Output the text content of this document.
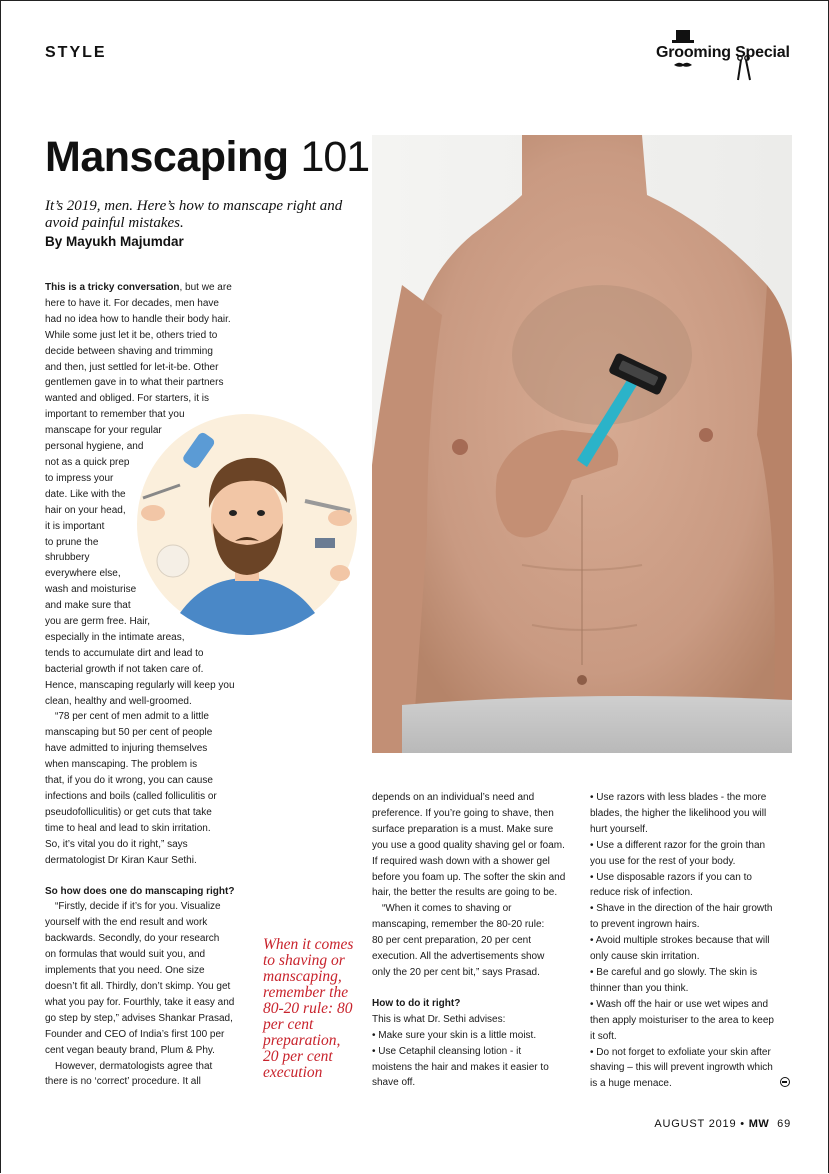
STYLE	Grooming Special
Manscaping 101
It’s 2019, men. Here’s how to manscape right and avoid painful mistakes.
By Mayukh Majumdar

This is a tricky conversation, but we are
here to have it. For decades, men have
had no idea how to handle their body hair.
While some just let it be, others tried to
decide between shaving and trimming
and then, just settled for let-it-be. Other
gentlemen gave in to what their partners
wanted and obliged. For starters, it is
important to remember that you
manscape for your regular
personal hygiene, and
not as a quick prep
to impress your
date. Like with the
hair on your head,
it is important
to prune the
shrubbery
everywhere else,
wash and moisturise
and make sure that
you are germ free. Hair,
especially in the intimate areas,
tends to accumulate dirt and lead to
bacterial growth if not taken care of.
Hence, manscaping regularly will keep you
clean, healthy and well-groomed.

“78 per cent of men admit to a little
manscaping but 50 per cent of people
have admitted to injuring themselves
when manscaping. The problem is
that, if you do it wrong, you can cause
infections and boils (called folliculitis or
pseudofolliculitis) or get cuts that take
time to heal and lead to skin irritation.
So, it’s vital you do it right,” says
dermatologist Dr Kiran Kaur Sethi.

So how does one do manscaping right?
“Firstly, decide if it’s for you. Visualize
yourself with the end result and work
backwards. Secondly, do your research
on formulas that would suit you, and
implements that you need. One size
doesn’t fit all. Thirdly, don’t skimp. You get
what you pay for. Fourthly, take it easy and
go step by step,” advises Shankar Prasad,
Founder and CEO of India’s first 100 per
cent vegan beauty brand, Plum & Phy.
However, dermatologists agree that
there is no ‘correct’ procedure. It all

When it comes to shaving or manscaping, remember the 80-20 rule: 80 per cent preparation, 20 per cent execution

depends on an individual’s need and
preference. If you’re going to shave, then
surface preparation is a must. Make sure
you use a good quality shaving gel or foam.
If required wash down with a shower gel
before you foam up. The softer the skin and
hair, the better the results are going to be.

“When it comes to shaving or
manscaping, remember the 80-20 rule:
80 per cent preparation, 20 per cent
execution. All the advertisements show
only the 20 per cent bit,” says Prasad.

How to do it right?
This is what Dr. Sethi advises:
• Make sure your skin is a little moist.
• Use Cetaphil cleansing lotion - it
moistens the hair and makes it easier to
shave off.

• Use razors with less blades - the more
blades, the higher the likelihood you will
hurt yourself.
• Use a different razor for the groin than
you use for the rest of your body.
• Use disposable razors if you can to
reduce risk of infection.
• Shave in the direction of the hair growth
to prevent ingrown hairs.
• Avoid multiple strokes because that will
only cause skin irritation.
• Be careful and go slowly. The skin is
thinner than you think.
• Wash off the hair or use wet wipes and
then apply moisturiser to the area to keep
it soft.
• Do not forget to exfoliate your skin after
shaving – this will prevent ingrowth which
is a huge menace.

AUGUST 2019 • MW 69
